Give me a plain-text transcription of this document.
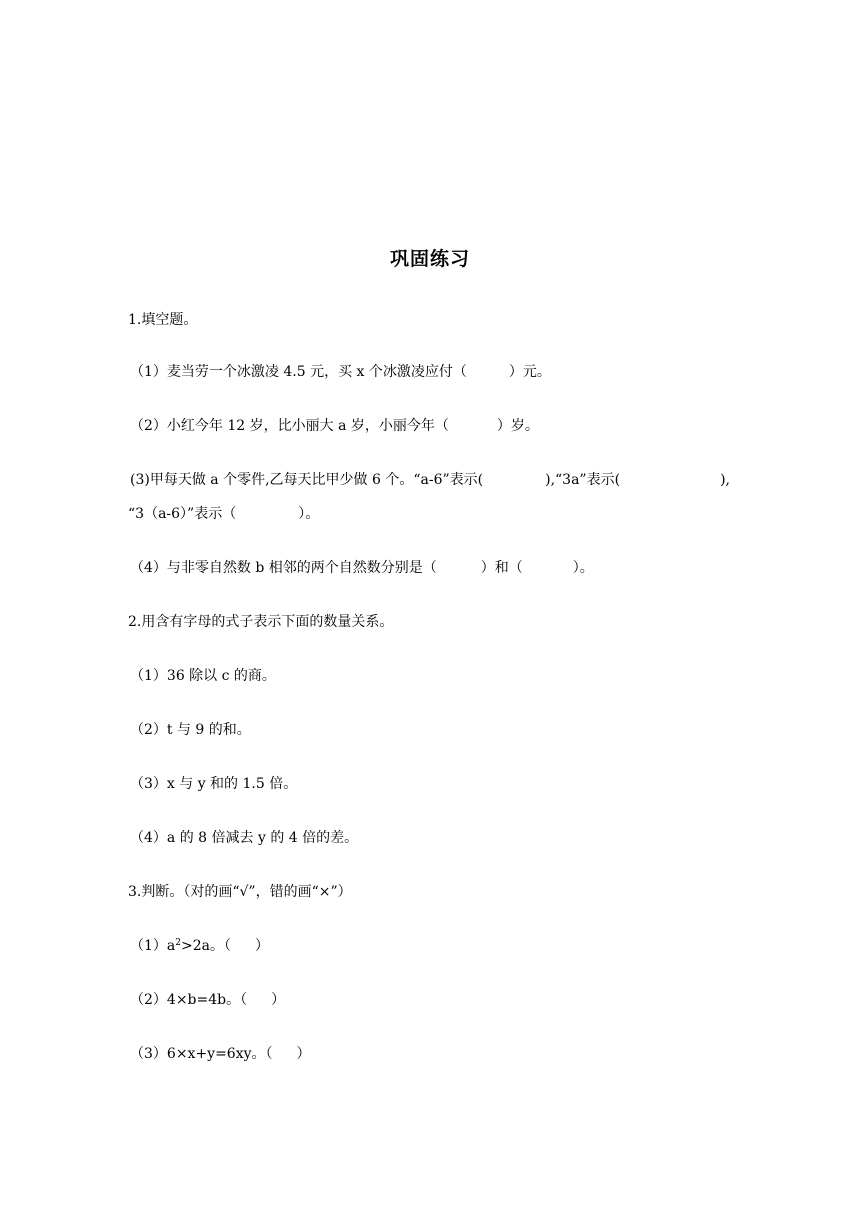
巩固练习
1.填空题。
（1）麦当劳一个冰激凌 4.5 元，买 x 个冰激凌应付（	）元。
（2）小红今年 12 岁，比小丽大 a 岁，小丽今年（	）岁。
(3)甲每天做 a 个零件,乙每天比甲少做 6 个。“a-6”表示(	),“3a”表示(	),
“3（a-6）”表示（	）。
（4）与非零自然数 b 相邻的两个自然数分别是（	）和（	）。
2.用含有字母的式子表示下面的数量关系。
（1）36 除以 c 的商。
（2）t 与 9 的和。
（3）x 与 y 和的 1.5 倍。
（4）a 的 8 倍减去 y 的 4 倍的差。
3.判断。（对的画“√”，错的画“×”）
$(1)a^2>2a$。（ ）
（2）4×b=4b。（ ）
（3）6×x+y=6xy。（ ）
